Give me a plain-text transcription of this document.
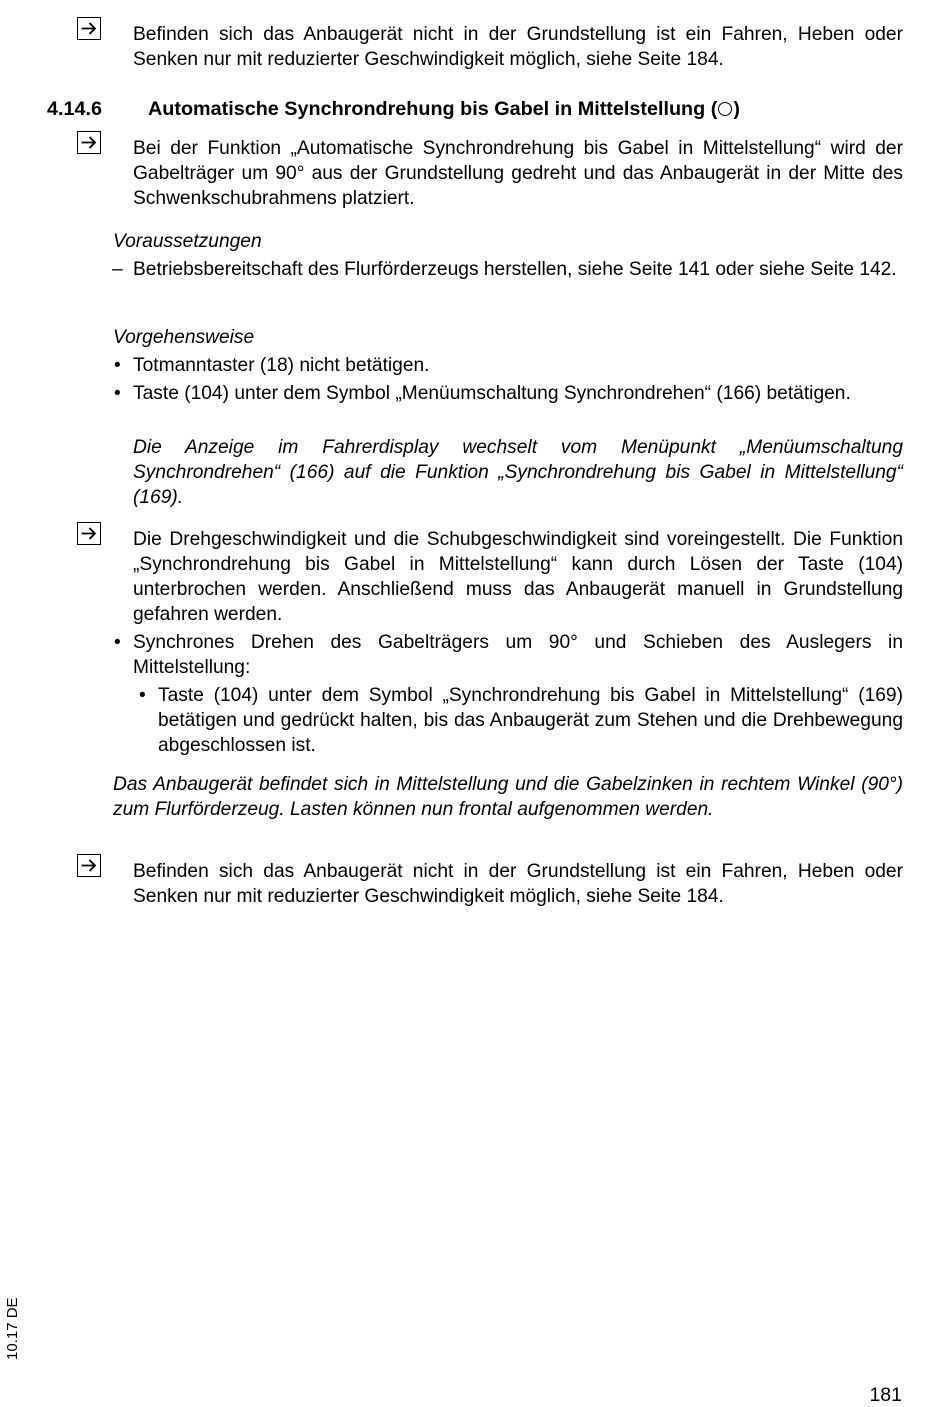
Befinden sich das Anbaugerät nicht in der Grundstellung ist ein Fahren, Heben oder Senken nur mit reduzierter Geschwindigkeit möglich, siehe Seite 184.

4.14.6 Automatische Synchrondrehung bis Gabel in Mittelstellung ( )

Bei der Funktion „Automatische Synchrondrehung bis Gabel in Mittelstellung“ wird der Gabelträger um 90° aus der Grundstellung gedreht und das Anbaugerät in der Mitte des Schwenkschubrahmens platziert.

Voraussetzungen
– Betriebsbereitschaft des Flurförderzeugs herstellen, siehe Seite 141 oder siehe Seite 142.

Vorgehensweise
• Totmanntaster (18) nicht betätigen.

• Taste (104) unter dem Symbol „Menüumschaltung Synchrondrehen“ (166) betätigen.

Die Anzeige im Fahrerdisplay wechselt vom Menüpunkt „Menüumschaltung Synchrondrehen“ (166) auf die Funktion „Synchrondrehung bis Gabel in Mittelstellung“ (169).

Die Drehgeschwindigkeit und die Schubgeschwindigkeit sind voreingestellt. Die Funktion „Synchrondrehung bis Gabel in Mittelstellung“ kann durch Lösen der Taste (104) unterbrochen werden. Anschließend muss das Anbaugerät manuell in Grundstellung gefahren werden.

• Synchrones Drehen des Gabelträgers um 90° und Schieben des Auslegers in Mittelstellung:

• Taste (104) unter dem Symbol „Synchrondrehung bis Gabel in Mittelstellung“ (169) betätigen und gedrückt halten, bis das Anbaugerät zum Stehen und die Drehbewegung abgeschlossen ist.

Das Anbaugerät befindet sich in Mittelstellung und die Gabelzinken in rechtem Winkel (90°) zum Flurförderzeug. Lasten können nun frontal aufgenommen werden.

Befinden sich das Anbaugerät nicht in der Grundstellung ist ein Fahren, Heben oder Senken nur mit reduzierter Geschwindigkeit möglich, siehe Seite 184.

10.17 DE
181
